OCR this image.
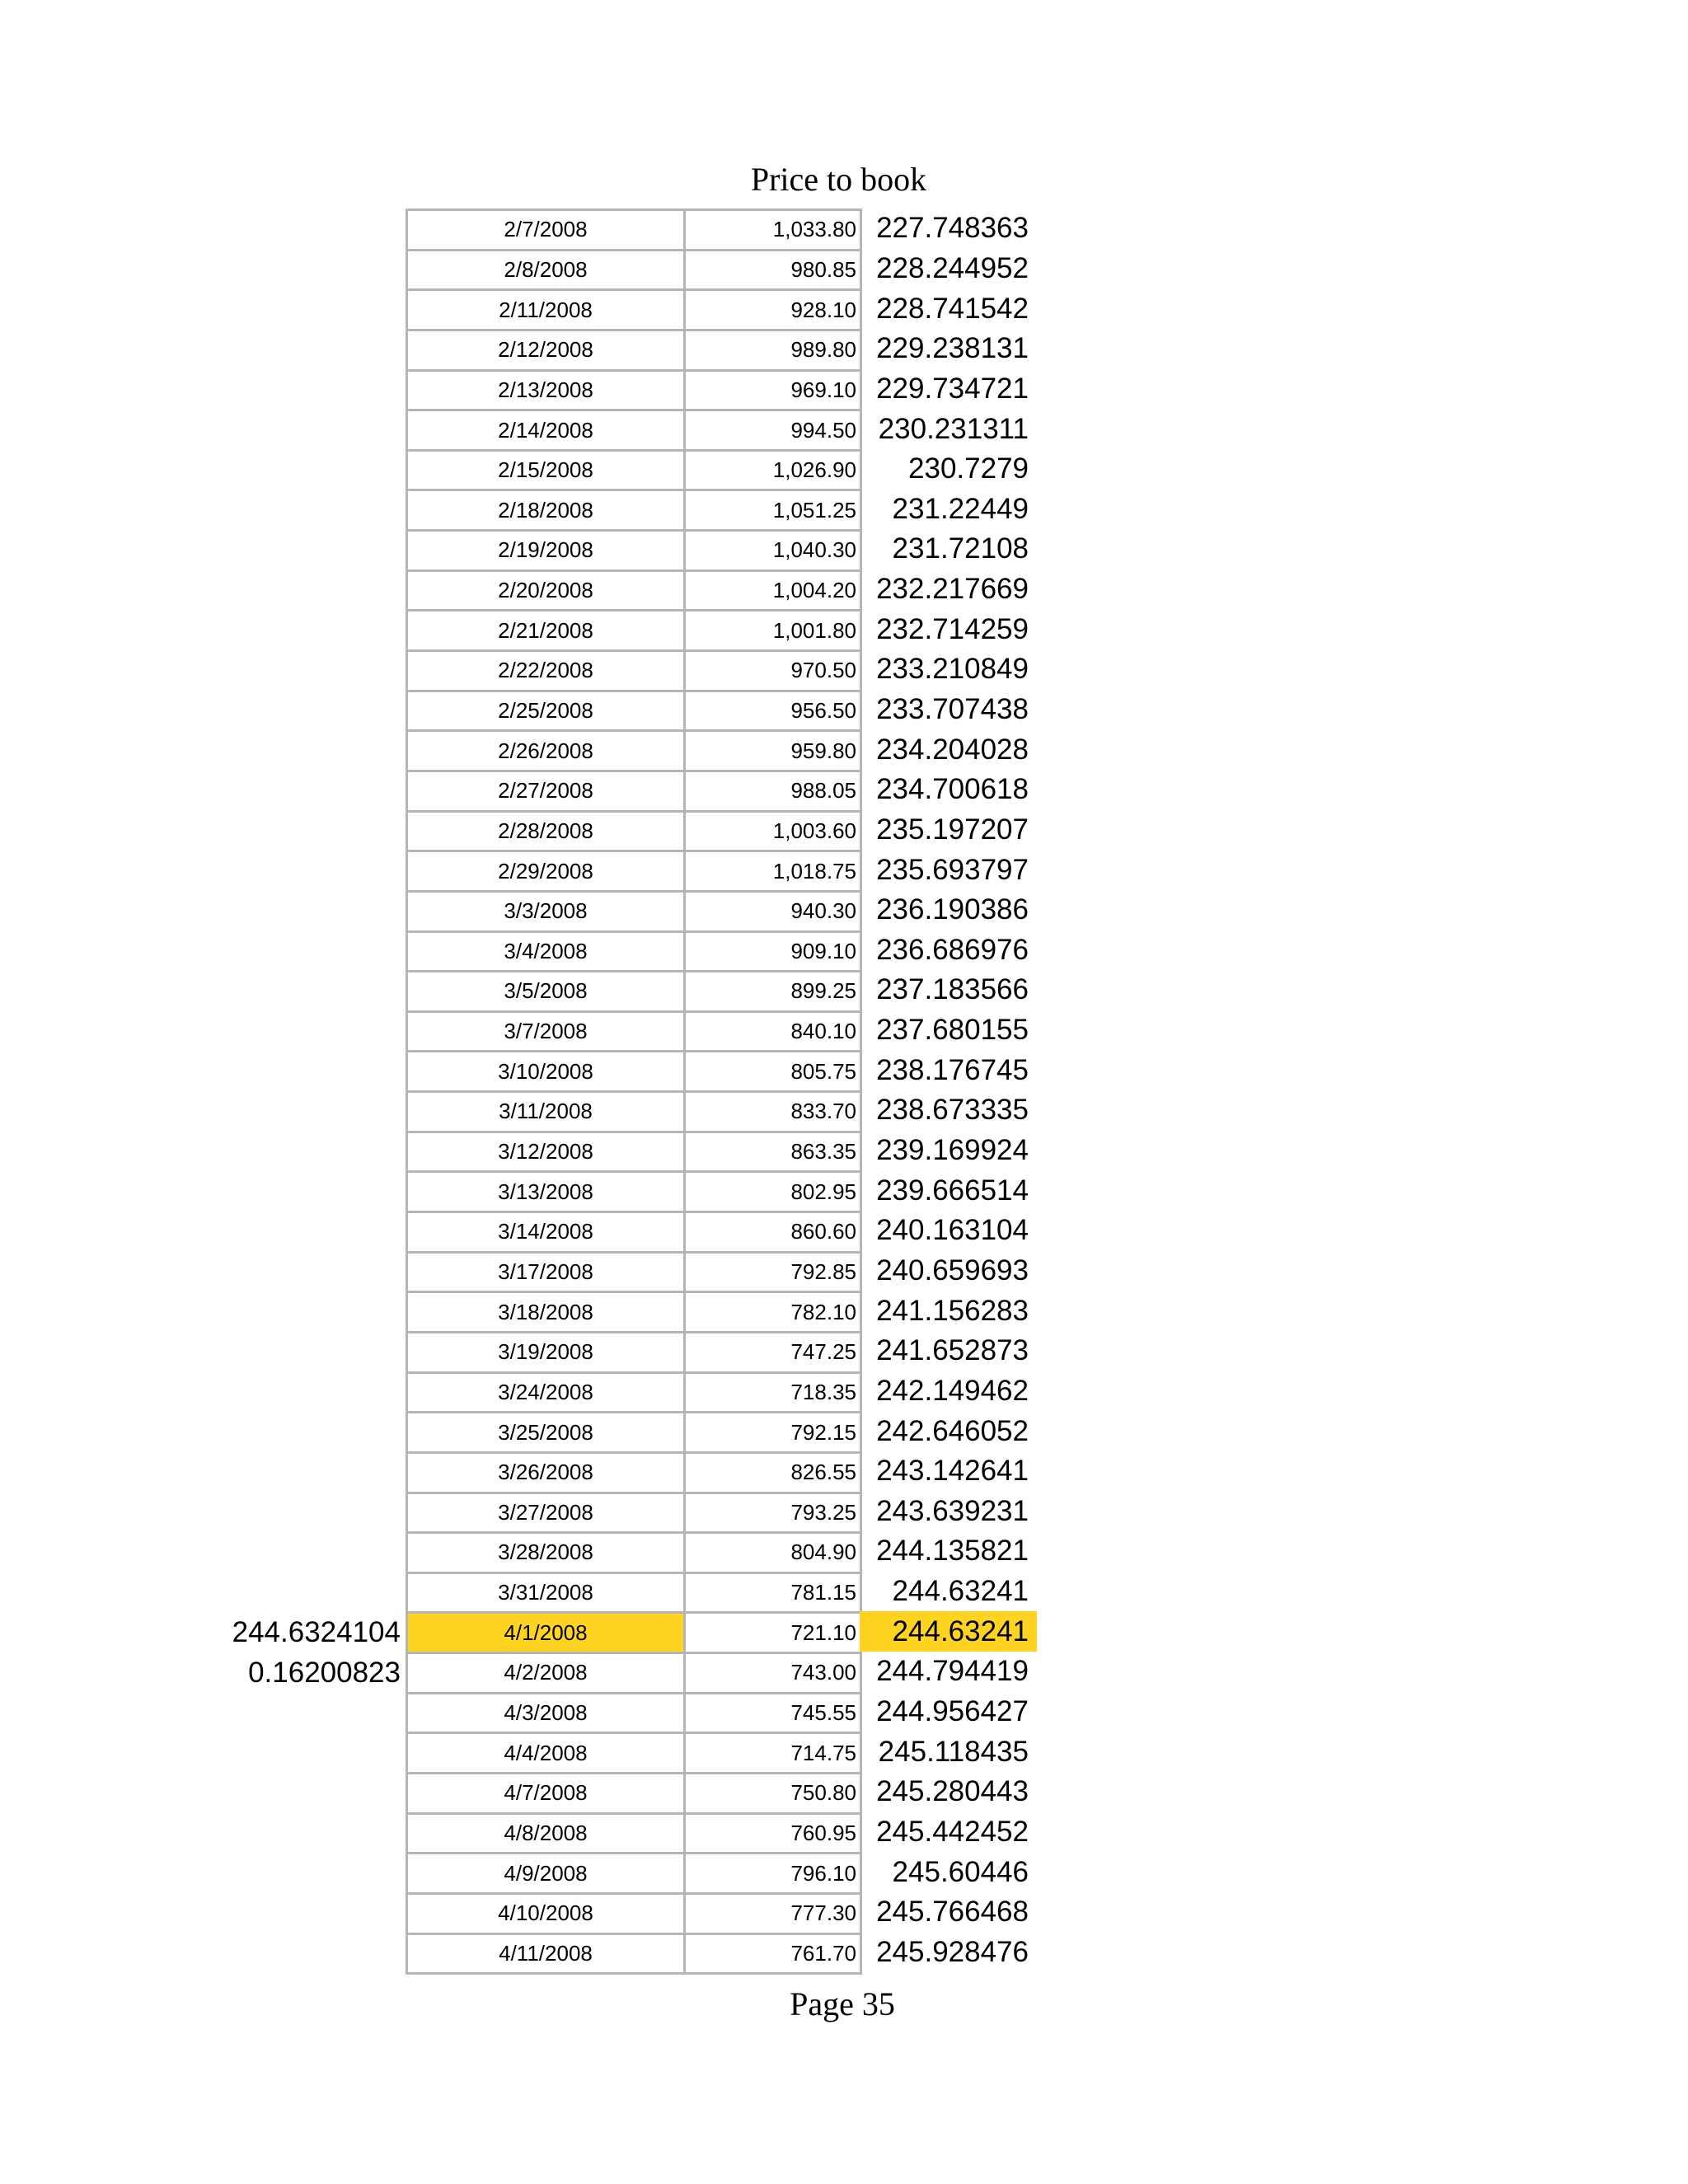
Price to book
2/7/2008	1,033.80 227.748363
2/8/2008	980.85 228.244952
2/11/2008	928.10 228.741542
2/12/2008	989.80 229.238131
2/13/2008	969.10 229.734721
2/14/2008	994.50 230.231311
2/15/2008	1,026.90	230.7279
2/18/2008	1,051.25	231.22449
2/19/2008	1,040.30	231.72108
2/20/2008	1,004.20 232.217669
2/21/2008	1,001.80 232.714259
2/22/2008	970.50 233.210849
2/25/2008	956.50 233.707438
2/26/2008	959.80 234.204028
2/27/2008	988.05 234.700618
2/28/2008	1,003.60 235.197207
2/29/2008	1,018.75 235.693797
3/3/2008	940.30 236.190386
3/4/2008	909.10 236.686976
3/5/2008	899.25 237.183566
3/7/2008	840.10 237.680155
3/10/2008	805.75 238.176745
3/11/2008	833.70 238.673335
3/12/2008	863.35 239.169924
3/13/2008	802.95 239.666514
3/14/2008	860.60 240.163104
3/17/2008	792.85 240.659693
3/18/2008	782.10 241.156283
3/19/2008	747.25 241.652873
3/24/2008	718.35 242.149462
3/25/2008	792.15 242.646052
3/26/2008	826.55 243.142641
3/27/2008	793.25 243.639231
3/28/2008	804.90 244.135821
3/31/2008	781.15	244.63241
4/1/2008	721.10	244.63241
4/2/2008	743.00 244.794419
4/3/2008	745.55 244.956427
4/4/2008	714.75 245.118435
4/7/2008	750.80 245.280443
4/8/2008	760.95 245.442452
4/9/2008	796.10	245.60446
4/10/2008	777.30 245.766468
4/11/2008	761.70 245.928476
244.6324104
0.16200823
Page 35
